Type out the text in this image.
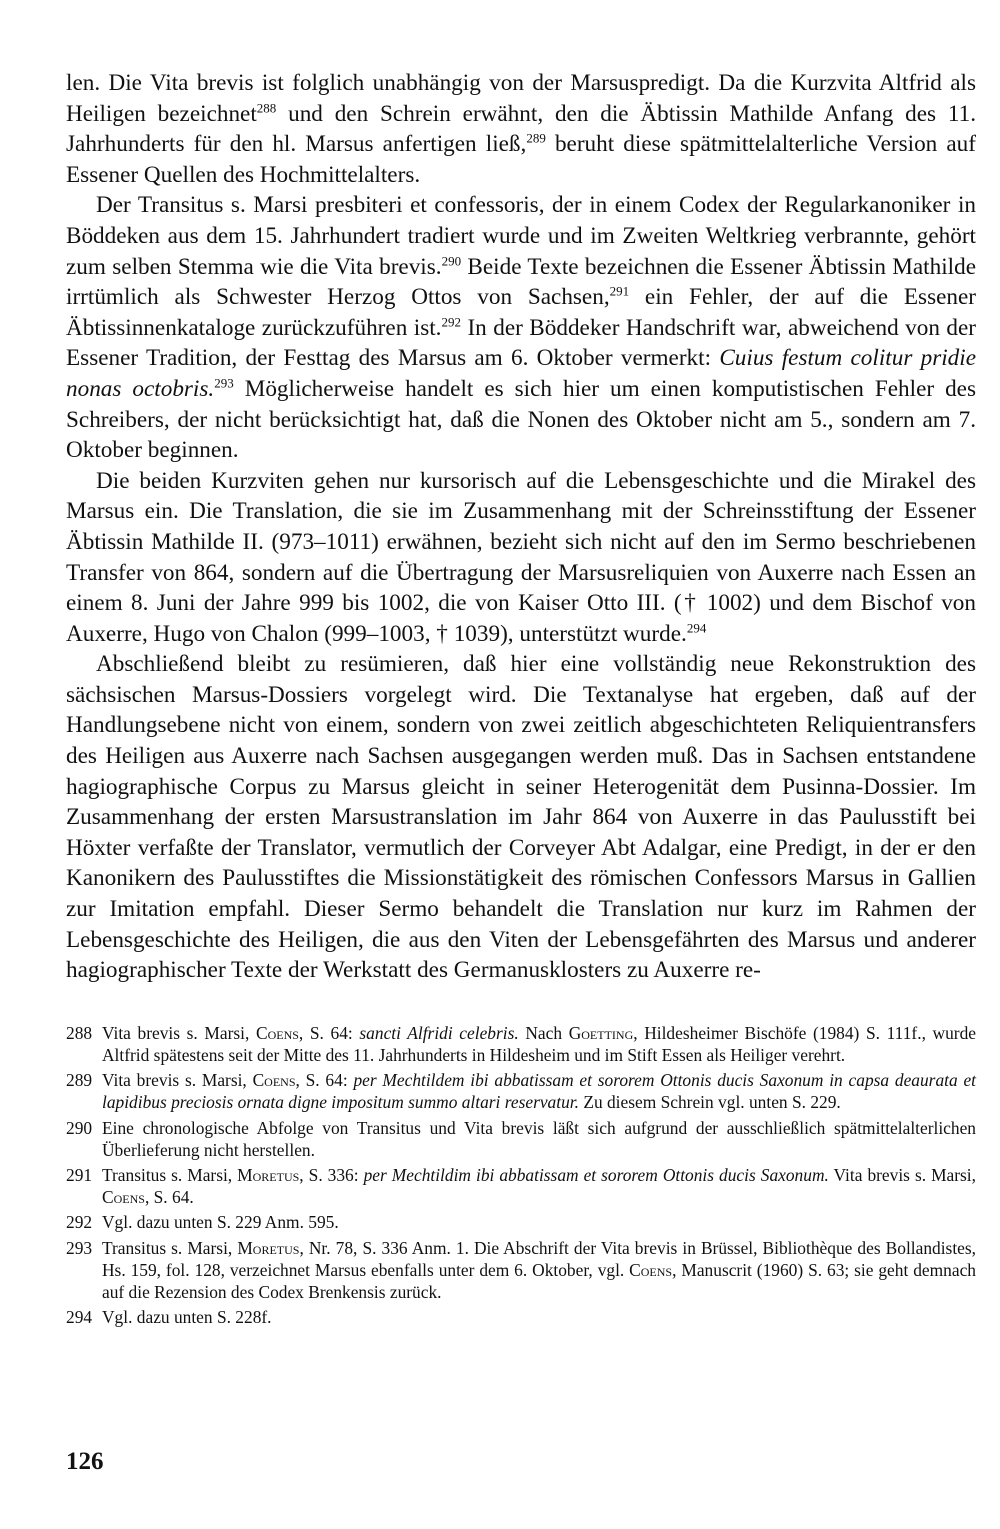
len. Die Vita brevis ist folglich unabhängig von der Marsuspredigt. Da die Kurzvita Altfrid als Heiligen bezeichnet$^{288}$ und den Schrein erwähnt, den die Äbtissin Mathilde Anfang des 11. Jahrhunderts für den hl. Marsus anfertigen ließ,$^{289}$ beruht diese spätmittelalterliche Version auf Essener Quellen des Hochmittelalters.

Der Transitus s. Marsi presbiteri et confessoris, der in einem Codex der Regularkanoniker in Böddeken aus dem 15. Jahrhundert tradiert wurde und im Zweiten Weltkrieg verbrannte, gehört zum selben Stemma wie die Vita brevis.$^{290}$ Beide Texte bezeichnen die Essener Äbtissin Mathilde irrtümlich als Schwester Herzog Ottos von Sachsen,$^{291}$ ein Fehler, der auf die Essener Äbtissinnenkataloge zurückzuführen ist.$^{292}$ In der Böddeker Handschrift war, abweichend von der Essener Tradition, der Festtag des Marsus am 6. Oktober vermerkt: Cuius festum colitur pridie nonas octobris.$^{293}$ Möglicherweise handelt es sich hier um einen komputistischen Fehler des Schreibers, der nicht berücksichtigt hat, daß die Nonen des Oktober nicht am 5., sondern am 7. Oktober beginnen.

Die beiden Kurzviten gehen nur kursorisch auf die Lebensgeschichte und die Mirakel des Marsus ein. Die Translation, die sie im Zusammenhang mit der Schreinsstiftung der Essener Äbtissin Mathilde II. (973–1011) erwähnen, bezieht sich nicht auf den im Sermo beschriebenen Transfer von 864, sondern auf die Übertragung der Marsusreliquien von Auxerre nach Essen an einem 8. Juni der Jahre 999 bis 1002, die von Kaiser Otto III. († 1002) und dem Bischof von Auxerre, Hugo von Chalon (999–1003, † 1039), unterstützt wurde.$^{294}$

Abschließend bleibt zu resümieren, daß hier eine vollständig neue Rekonstruktion des sächsischen Marsus-Dossiers vorgelegt wird. Die Textanalyse hat ergeben, daß auf der Handlungsebene nicht von einem, sondern von zwei zeitlich abgeschichteten Reliquientransfers des Heiligen aus Auxerre nach Sachsen ausgegangen werden muß. Das in Sachsen entstandene hagiographische Corpus zu Marsus gleicht in seiner Heterogenität dem Pusinna-Dossier. Im Zusammenhang der ersten Marsustranslation im Jahr 864 von Auxerre in das Paulusstift bei Höxter verfaßte der Translator, vermutlich der Corveyer Abt Adalgar, eine Predigt, in der er den Kanonikern des Paulusstiftes die Missionstätigkeit des römischen Confessors Marsus in Gallien zur Imitation empfahl. Dieser Sermo behandelt die Translation nur kurz im Rahmen der Lebensgeschichte des Heiligen, die aus den Viten der Lebensgefährten des Marsus und anderer hagiographischer Texte der Werkstatt des Germanusklosters zu Auxerre re-

288 Vita brevis s. Marsi, Coens, S. 64: sancti Alfridi celebris. Nach Goetting, Hildesheimer Bischöfe (1984) S. 111f., wurde Altfrid spätestens seit der Mitte des 11. Jahrhunderts in Hildesheim und im Stift Essen als Heiliger verehrt.
289 Vita brevis s. Marsi, Coens, S. 64: per Mechtildem ibi abbatissam et sororem Ottonis ducis Saxonum in capsa deaurata et lapidibus preciosis ornata digne impositum summo altari reservatur. Zu diesem Schrein vgl. unten S. 229.
290 Eine chronologische Abfolge von Transitus und Vita brevis läßt sich aufgrund der ausschließlich spätmittelalterlichen Überlieferung nicht herstellen.
291 Transitus s. Marsi, Moretus, S. 336: per Mechtildim ibi abbatissam et sororem Ottonis ducis Saxonum. Vita brevis s. Marsi, Coens, S. 64.
292 Vgl. dazu unten S. 229 Anm. 595.
293 Transitus s. Marsi, Moretus, Nr. 78, S. 336 Anm. 1. Die Abschrift der Vita brevis in Brüssel, Bibliothèque des Bollandistes, Hs. 159, fol. 128, verzeichnet Marsus ebenfalls unter dem 6. Oktober, vgl. Coens, Manuscrit (1960) S. 63; sie geht demnach auf die Rezension des Codex Brenkensis zurück.
294 Vgl. dazu unten S. 228f.
126
